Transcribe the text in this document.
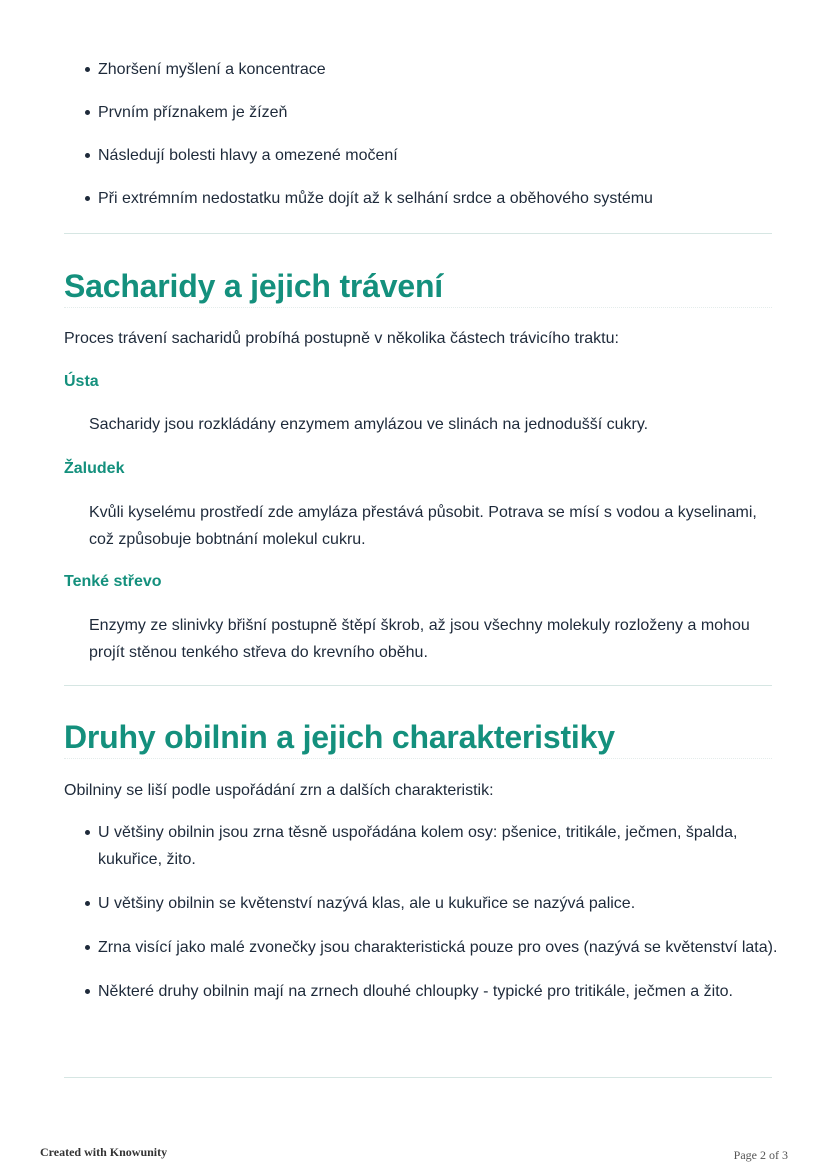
Zhoršení myšlení a koncentrace
Prvním příznakem je žízeň
Následují bolesti hlavy a omezené močení
Při extrémním nedostatku může dojít až k selhání srdce a oběhového systému
Sacharidy a jejich trávení

Proces trávení sacharidů probíhá postupně v několika částech trávicího traktu:

Ústa

Sacharidy jsou rozkládány enzymem amylázou ve slinách na jednodušší cukry.

Žaludek

Kvůli kyselému prostředí zde amyláza přestává působit. Potrava se mísí s vodou a kyselinami, což způsobuje bobtnání molekul cukru.

Tenké střevo

Enzymy ze slinivky břišní postupně štěpí škrob, až jsou všechny molekuly rozloženy a mohou projít stěnou tenkého střeva do krevního oběhu.

Druhy obilnin a jejich charakteristiky

Obilniny se liší podle uspořádání zrn a dalších charakteristik:

U většiny obilnin jsou zrna těsně uspořádána kolem osy: pšenice, tritikále, ječmen, špalda, kukuřice, žito.
U většiny obilnin se květenství nazývá klas, ale u kukuřice se nazývá palice.
Zrna visící jako malé zvonečky jsou charakteristická pouze pro oves (nazývá se květenství lata).
Některé druhy obilnin mají na zrnech dlouhé chloupky - typické pro tritikále, ječmen a žito.
Created with Knowunity	Page 2 of 3
